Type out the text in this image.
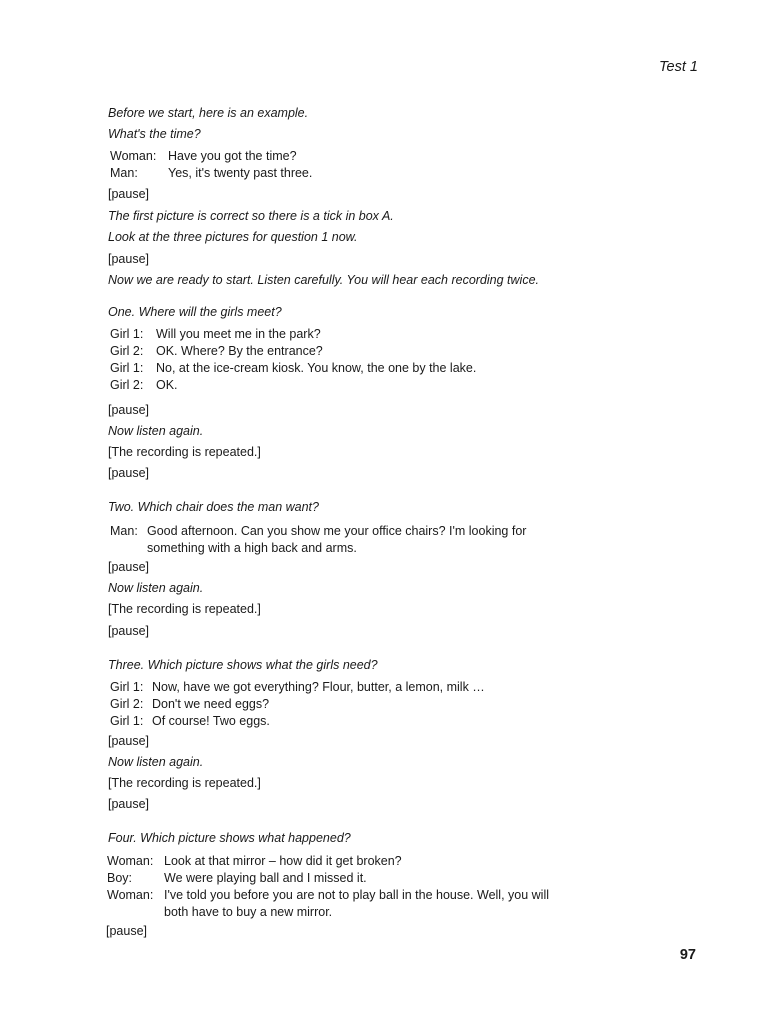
Test 1
Before we start, here is an example.
What's the time?
Woman: Have you got the time?
Man: Yes, it's twenty past three.
[pause]
The first picture is correct so there is a tick in box A.
Look at the three pictures for question 1 now.
[pause]
Now we are ready to start. Listen carefully. You will hear each recording twice.
One. Where will the girls meet?
Girl 1: Will you meet me in the park?
Girl 2: OK. Where? By the entrance?
Girl 1: No, at the ice-cream kiosk. You know, the one by the lake.
Girl 2: OK.
[pause]
Now listen again.
[The recording is repeated.]
[pause]
Two. Which chair does the man want?
Man: Good afternoon. Can you show me your office chairs? I'm looking for
something with a high back and arms.
[pause]
Now listen again.
[The recording is repeated.]
[pause]
Three. Which picture shows what the girls need?
Girl 1: Now, have we got everything? Flour, butter, a lemon, milk …
Girl 2: Don't we need eggs?
Girl 1: Of course! Two eggs.
[pause]
Now listen again.
[The recording is repeated.]
[pause]
Four. Which picture shows what happened?
Woman: Look at that mirror – how did it get broken?
Boy:	We were playing ball and I missed it.
Woman: I've told you before you are not to play ball in the house. Well, you will
both have to buy a new mirror.
[pause]
97
